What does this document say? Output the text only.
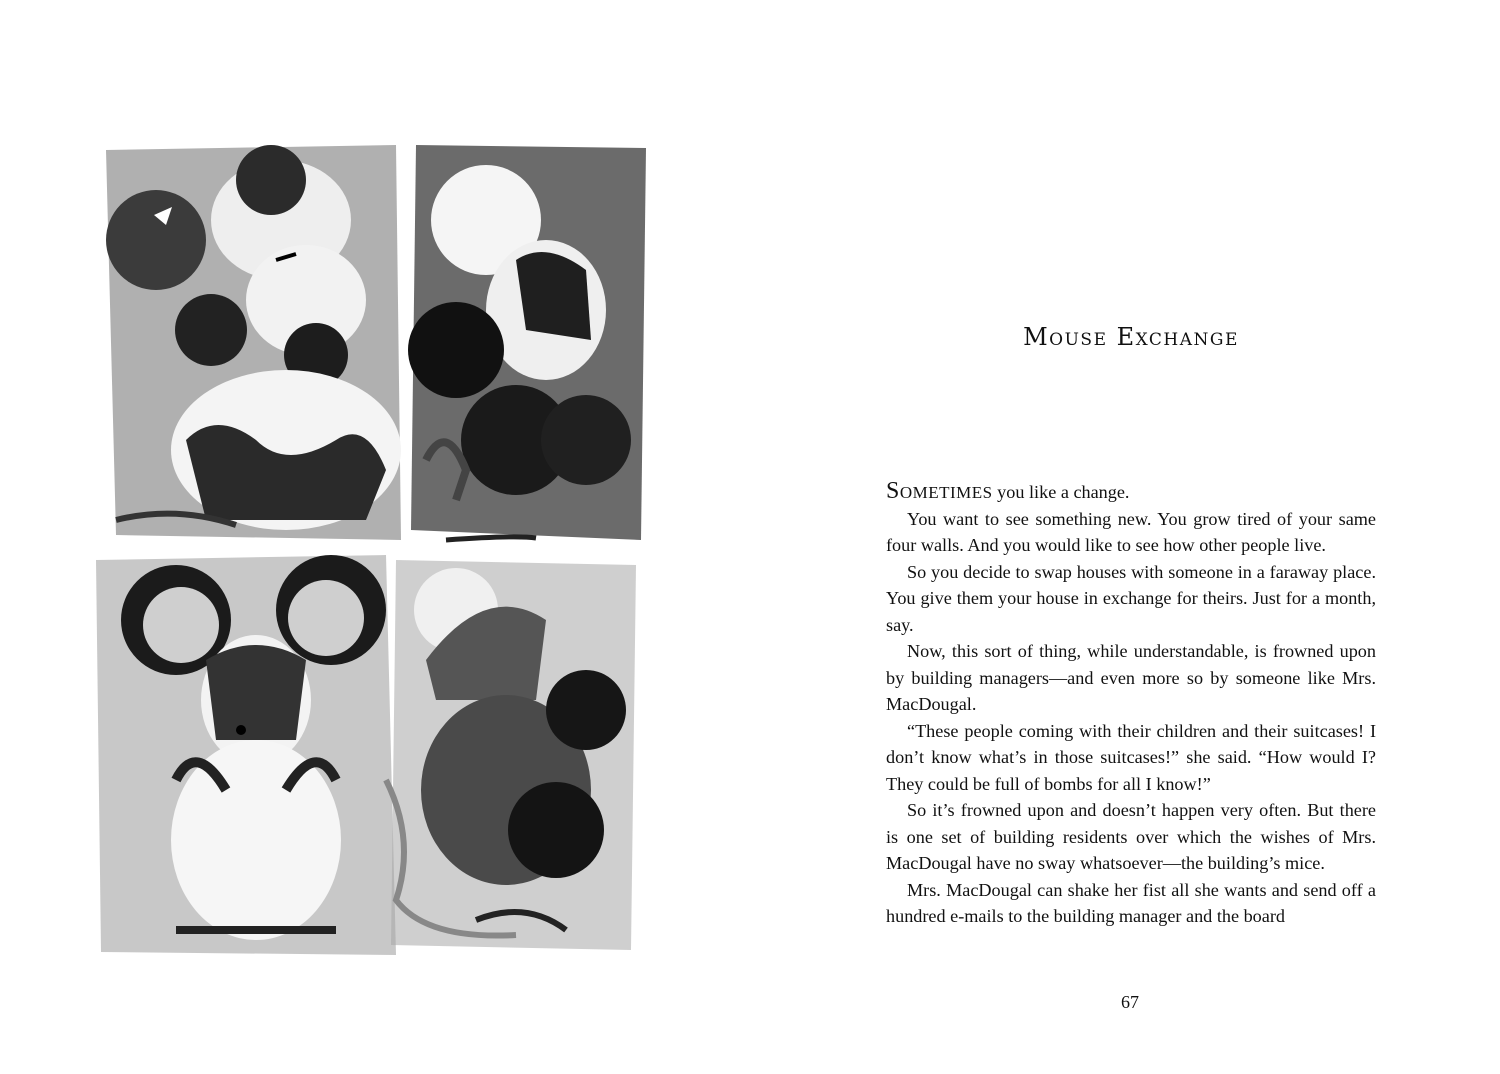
Mouse Exchange

Sometimes you like a change.

You want to see something new. You grow tired of your same four walls. And you would like to see how other people live.

So you decide to swap houses with someone in a faraway place. You give them your house in exchange for theirs. Just for a month, say.

Now, this sort of thing, while understandable, is frowned upon by building managers—and even more so by someone like Mrs. MacDougal.

“These people coming with their children and their suitcases! I don’t know what’s in those suitcases!” she said. “How would I? They could be full of bombs for all I know!”

So it’s frowned upon and doesn’t happen very often. But there is one set of building residents over which the wishes of Mrs. MacDougal have no sway whatsoever—the building’s mice.

Mrs. MacDougal can shake her fist all she wants and send off a hundred e-mails to the building manager and the board

67
